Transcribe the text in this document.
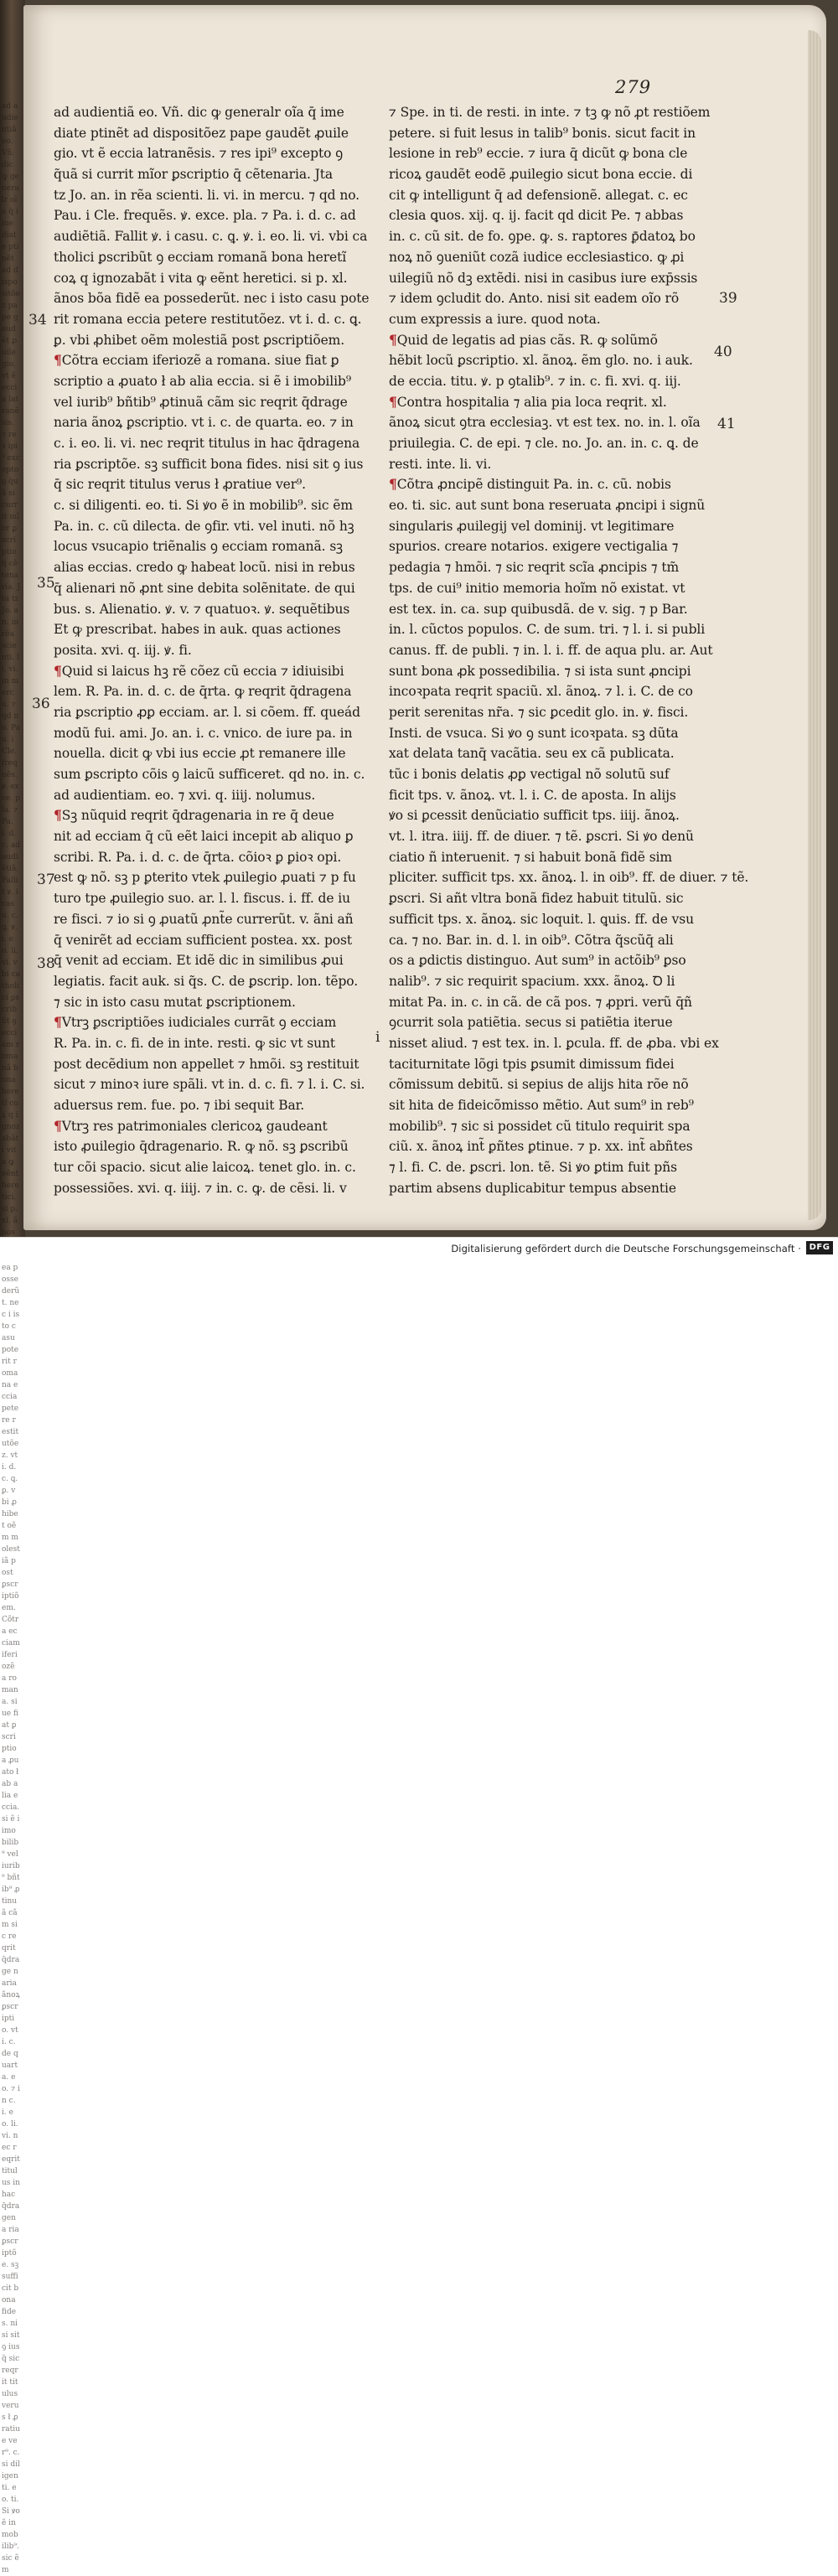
ad audientiã eo. Vñ. dic ꝙ generalr oĩa q̄ ime diate ptinẽt ad dispositõez pape gaudẽt ꝓuile gio. vt ẽ eccia latranẽsis. ⁊ res ipi⁹ excepto ꝯ q̃uã si currit mĩor ꝑscriptio q̄ cẽtenaria. Jta tz Jo. an. in rẽa scienti. li. vi. in mercu. ⁊ qd no. Pau. i Cle. frequẽs. ꝟ. exce. pla. ⁊ Pa. i. d. c. ad audiẽtiã. Fallit ꝟ. i casu. c. ꝗ. ꝟ. i. eo. li. vi. vbi ca tholici ꝑscribũt ꝯ ecciam romanã bona heretĩ coꝝ q ignozabãt i vita ꝙ eẽnt heretici. si p. xl. ãnos ea possederũt. nec i isto casu pote rit romana eccia petere restitutõez. vt i. d. c. ꝗ. ꝑ. vbi ꝓhibet oẽm molestiã post ꝑscriptiõem. Cõtra ecciam iferiozẽ a romana. siue fiat ꝑ scriptio a ꝓuato ł ab alia eccia. si ẽ i imobilib⁹ vel iurib⁹ bñtib⁹ ꝓtinuã cãm sic reqrit q̄drage naria ãnoꝝ ꝑscriptio. vt i. c. de quarta. eo. ⁊ in c. i. eo. li. vi. nec reqrit titulus in hac q̄dragena ria ꝑscriptõe. sꝫ sufficit bona fides. nisi sit ꝯ ius q̄ sic reqrit titulus verus ł ꝓratiue ver⁹. c. si diligenti. eo. ti. Si ꝟo ẽ in mobilib⁹. sic ẽm
279
ad audientiã eo. Vñ. dic ꝙ generalr oĩa q̄ ime
diate ptinẽt ad dispositõez pape gaudẽt ꝓuile
gio. vt ẽ eccia latranẽsis. ⁊ res ipi⁹ excepto ꝯ
q̃uã si currit mĩor ꝑscriptio q̄ cẽtenaria. Jta
tz Jo. an. in rẽa scienti. li. vi. in mercu. ⁊ qd no.
Pau. i Cle. frequẽs. ꝟ. exce. pla. ⁊ Pa. i. d. c. ad
audiẽtiã. Fallit ꝟ. i casu. c. ꝗ. ꝟ. i. eo. li. vi. vbi ca
tholici ꝑscribũt ꝯ ecciam romanã bona heretĩ
coꝝ q ignozabãt i vita ꝙ eẽnt heretici. si p. xl.
ãnos bõa fidẽ ea possederũt. nec i isto casu pote
rit romana eccia petere restitutõez. vt i. d. c. ꝗ.
ꝑ. vbi ꝓhibet oẽm molestiã post ꝑscriptiõem.
¶Cõtra ecciam iferiozẽ a romana. siue fiat ꝑ
scriptio a ꝓuato ł ab alia eccia. si ẽ i imobilib⁹
vel iurib⁹ bñtib⁹ ꝓtinuã cãm sic reqrit q̄drage
naria ãnoꝝ ꝑscriptio. vt i. c. de quarta. eo. ⁊ in
c. i. eo. li. vi. nec reqrit titulus in hac q̄dragena
ria ꝑscriptõe. sꝫ sufficit bona fides. nisi sit ꝯ ius
q̄ sic reqrit titulus verus ł ꝓratiue ver⁹.
c. si diligenti. eo. ti. Si ꝟo ẽ in mobilib⁹. sic ẽm
Pa. in. c. cũ dilecta. de ꝯfir. vti. vel inuti. nõ hꝫ
locus vsucapio triẽnalis ꝯ ecciam romanã. sꝫ
alias eccias. credo ꝙ habeat locũ. nisi in rebus
q̄ alienari nõ ꝓnt sine debita solẽnitate. de qui
bus. s. Alienatio. ꝟ. v. ⁊ quatuoꝛ. ꝟ. sequẽtibus
Et ꝙ prescribat. habes in auk. quas actiones
posita. xvi. q. iij. ꝟ. fi.
¶Quid si laicus hꝫ rẽ cõez cũ eccia ⁊ idiuisibi
lem. R. Pa. in. d. c. de q̄rta. ꝙ reqrit q̄dragena
ria ꝑscriptio ꝓꝑ ecciam. ar. l. si cõem. ff. queád
modũ fui. ami. Jo. an. i. c. vnico. de iure pa. in
nouella. dicit ꝙ vbi ius eccie ꝓt remanere ille
sum ꝑscripto cõis ꝯ laicũ sufficeret. qd no. in. c.
ad audientiam. eo. ⁊ xvi. q. iiij. nolumus.
¶Sꝫ nũquid reqrit q̄dragenaria in re q̄ deue
nit ad ecciam q̄ cũ eẽt laici incepit ab aliquo ꝑ
scribi. R. Pa. i. d. c. de q̄rta. cõioꝛ ꝑ ꝑioꝛ opi.
est ꝙ nõ. sꝫ p ꝑterito vtek ꝓuilegio ꝓuati ⁊ p fu
turo tpe ꝓuilegio suo. ar. l. l. fiscus. i. ff. de iu
re fisci. ⁊ io si ꝯ ꝓuatũ ꝓnt̃e currerũt. v. ãni añ
q̄ venirẽt ad ecciam sufficient postea. xx. post
q̄ venit ad ecciam. Et idẽ dic in similibus ꝓui
legiatis. facit auk. si q̃s. C. de ꝑscrip. lon. tẽpo.
⁊ sic in isto casu mutat ꝑscriptionem.
¶Vtrꝫ ꝑscriptiões iudiciales currãt ꝯ ecciam
R. Pa. in. c. fi. de in inte. resti. ꝙ sic vt sunt
post decẽdium non appellet ⁊ hmõi. sꝫ restituit
sicut ⁊ minoꝛ iure spãli. vt in. d. c. fi. ⁊ l. i. C. si.
aduersus rem. fue. po. ⁊ ibi sequit Bar.
¶Vtrꝫ res patrimoniales clericoꝝ gaudeant
isto ꝓuilegio q̄dragenario. R. ꝙ nõ. sꝫ ꝑscribũ
tur cõi spacio. sicut alie laicoꝝ. tenet glo. in. c.
possessiões. xvi. q. iiij. ⁊ in. c. ꝙ. de cẽsi. li. v
⁊ Spe. in ti. de resti. in inte. ⁊ tꝫ ꝙ nõ ꝓt restiõem
petere. si fuit lesus in talib⁹ bonis. sicut facit in
lesione in reb⁹ eccie. ⁊ iura q̄ dicũt ꝙ bona cle
ricoꝝ gaudẽt eodẽ ꝓuilegio sicut bona eccie. di
cit ꝙ intelligunt q̄ ad defensionẽ. allegat. c. ec
clesia ꝗuos. xij. q. ij. facit qd dicit Pe. ⁊ abbas
in. c. cũ sit. de fo. ꝯpe. ꝙ. s. raptores ꝑ̄datoꝝ bo
noꝝ nõ ꝯueniũt cozã iudice ecclesiastico. ꝙ ꝓi
uilegiũ nõ dꝫ extẽdi. nisi in casibus iure exp̄ssis
⁊ idem ꝯcludit do. Anto. nisi sit eadem oĩo rõ
cum expressis a iure. quod nota.
¶Quid de legatis ad pias cãs. R. ꝙ solũmõ
hẽbit locũ ꝑscriptio. xl. ãnoꝝ. ẽm glo. no. i auk.
de eccia. titu. ꝟ. p ꝯtalib⁹. ⁊ in. c. fi. xvi. q. iij.
¶Contra hospitalia ⁊ alia pia loca reqrit. xl.
ãnoꝝ sicut ꝯtra ecclesiaꝫ. vt est tex. no. in. l. oĩa
priuilegia. C. de epi. ⁊ cle. no. Jo. an. in. c. ꝗ. de
resti. inte. li. vi.
¶Cõtra ꝓncipẽ distinguit Pa. in. c. cũ. nobis
eo. ti. sic. aut sunt bona reseruata ꝓncipi i signũ
singularis ꝓuilegij vel dominij. vt legitimare
spurios. creare notarios. exigere vectigalia ⁊
pedagia ⁊ hmõi. ⁊ sic reqrit scĩa ꝓncipis ⁊ tm̃
tps. de cui⁹ initio memoria hoĩm nõ existat. vt
est tex. in. ca. sup quibusdã. de v. sig. ⁊ p Bar.
in. l. cũctos populos. C. de sum. tri. ⁊ l. i. si publi
canus. ff. de publi. ⁊ in. l. i. ff. de aqua plu. ar. Aut
sunt bona ꝓk possedibilia. ⁊ si ista sunt ꝓncipi
incoꝛpata reqrit spaciũ. xl. ãnoꝝ. ⁊ l. i. C. de co
perit serenitas nr̃a. ⁊ sic ꝑcedit glo. in. ꝟ. fisci.
Insti. de vsuca. Si ꝟo ꝯ sunt icoꝛpata. sꝫ dũta
xat delata tanq̄ vacãtia. seu ex cã publicata.
tũc i bonis delatis ꝓꝑ vectigal nõ solutũ suf
ficit tps. v. ãnoꝝ. vt. l. i. C. de aposta. In alijs
ꝟo si ꝑcessit denũciatio sufficit tps. iiij. ãnoꝝ.
vt. l. itra. iiij. ff. de diuer. ⁊ tẽ. ꝑscri. Si ꝟo denũ
ciatio ñ interuenit. ⁊ si habuit bonã fidẽ sim
pliciter. sufficit tps. xx. ãnoꝝ. l. in oib⁹. ff. de diuer. ⁊ tẽ.
ꝑscri. Si añt vltra bonã fidez habuit titulũ. sic
sufficit tps. x. ãnoꝝ. sic loquit. l. ꝗuis. ff. de vsu
ca. ⁊ no. Bar. in. d. l. in oib⁹. Cõtra q̃scũq̄ ali
os a ꝑdictis distinguo. Aut sum⁹ in actõib⁹ ꝑso
nalib⁹. ⁊ sic requirit spacium. xxx. ãnoꝝ. Ꝺ li
mitat Pa. in. c. in cã. de cã pos. ⁊ ꝓpri. verũ q̄ñ
ꝯcurrit sola patiẽtia. secus si patiẽtia iterue
nisset aliud. ⁊ est tex. in. l. ꝑcula. ff. de ꝓba. vbi ex
taciturnitate lõgi tpis ꝑsumit dimissum fidei
cõmissum debitũ. si sepius de alijs hita rõe nõ
sit hita de fideicõmisso mẽtio. Aut sum⁹ in reb⁹
mobilib⁹. ⁊ sic si possidet cũ titulo requirit spa
ciũ. x. ãnoꝝ int̃ ꝑñtes ꝑtinue. ⁊ p. xx. int̃ abñtes
⁊ l. fi. C. de. ꝑscri. lon. tẽ. Si ꝟo ꝑtim fuit pñs
partim absens duplicabitur tempus absentie
34
35
36
37
38
39
40
41
i
Digitalisierung gefördert durch die Deutsche Forschungsgemeinschaft · DFG
